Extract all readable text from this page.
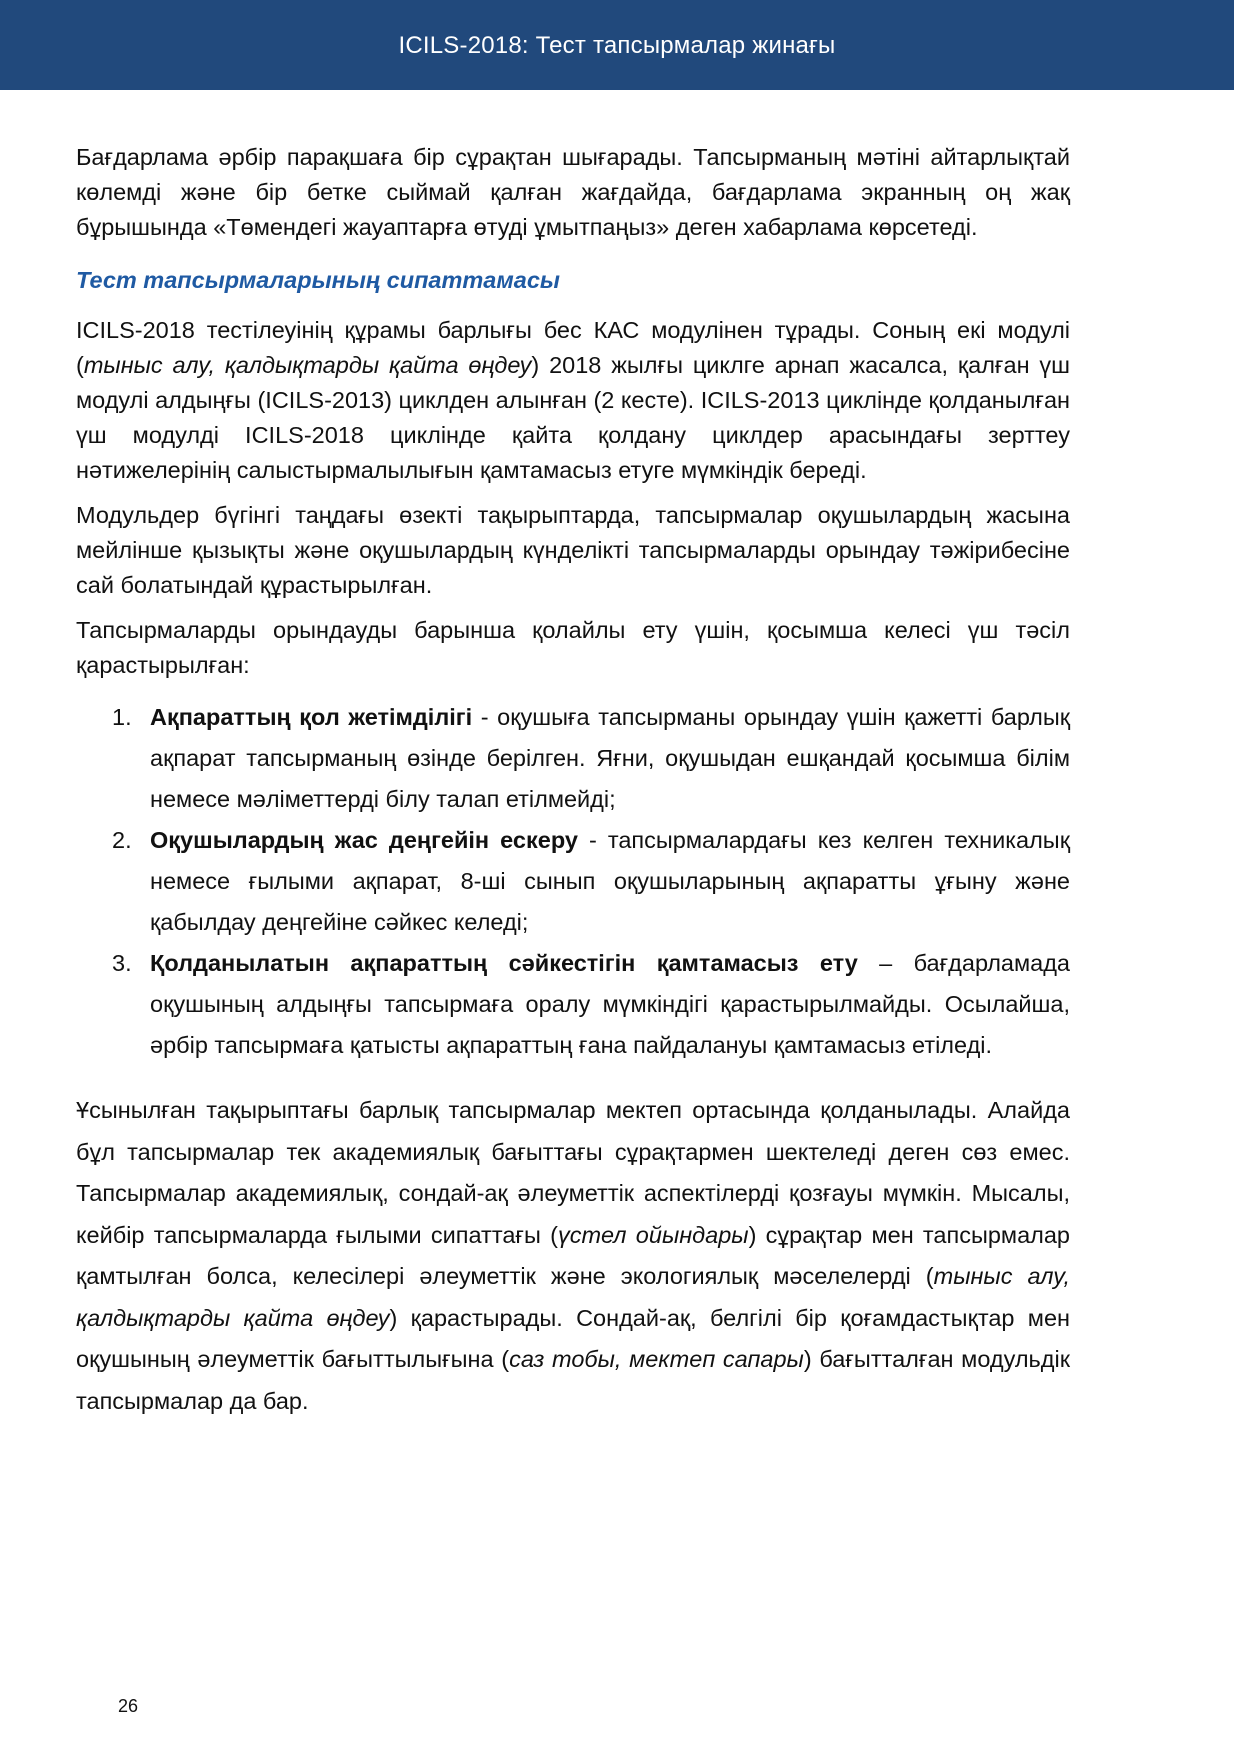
ICILS-2018: Тест тапсырмалар жинағы

Бағдарлама әрбір парақшаға бір сұрақтан шығарады. Тапсырманың мәтіні айтарлықтай көлемді және бір бетке сыймай қалған жағдайда, бағдарлама экранның оң жақ бұрышында «Төмендегі жауаптарға өтуді ұмытпаңыз» деген хабарлама көрсетеді.

Тест тапсырмаларының сипаттамасы

ICILS-2018 тестілеуінің құрамы барлығы бес КАС модулінен тұрады. Соның екі модулі (тыныс алу, қалдықтарды қайта өңдеу) 2018 жылғы циклге арнап жасалса, қалған үш модулі алдыңғы (ICILS-2013) циклден алынған (2 кесте). ICILS-2013 циклінде қолданылған үш модулді ICILS-2018 циклінде қайта қолдану циклдер арасындағы зерттеу нәтижелерінің салыстырмалылығын қамтамасыз етуге мүмкіндік береді.

Модульдер бүгінгі таңдағы өзекті тақырыптарда, тапсырмалар оқушылардың жасына мейлінше қызықты және оқушылардың күнделікті тапсырмаларды орындау тәжірибесіне сай болатындай құрастырылған.

Тапсырмаларды орындауды барынша қолайлы ету үшін, қосымша келесі үш тәсіл қарастырылған:

1. Ақпараттың қол жетімділігі - оқушыға тапсырманы орындау үшін қажетті барлық ақпарат тапсырманың өзінде берілген. Яғни, оқушыдан ешқандай қосымша білім немесе мәліметтерді білу талап етілмейді;
2. Оқушылардың жас деңгейін ескеру - тапсырмалардағы кез келген техникалық немесе ғылыми ақпарат, 8-ші сынып оқушыларының ақпаратты ұғыну және қабылдау деңгейіне сәйкес келеді;
3. Қолданылатын ақпараттың сәйкестігін қамтамасыз ету – бағдарламада оқушының алдыңғы тапсырмаға оралу мүмкіндігі қарастырылмайды. Осылайша, әрбір тапсырмаға қатысты ақпараттың ғана пайдалануы қамтамасыз етіледі.

Ұсынылған тақырыптағы барлық тапсырмалар мектеп ортасында қолданылады. Алайда бұл тапсырмалар тек академиялық бағыттағы сұрақтармен шектеледі деген сөз емес. Тапсырмалар академиялық, сондай-ақ әлеуметтік аспектілерді қозғауы мүмкін. Мысалы, кейбір тапсырмаларда ғылыми сипаттағы (үстел ойындары) сұрақтар мен тапсырмалар қамтылған болса, келесілері әлеуметтік және экологиялық мәселелерді (тыныс алу, қалдықтарды қайта өңдеу) қарастырады. Сондай-ақ, белгілі бір қоғамдастықтар мен оқушының әлеуметтік бағыттылығына (саз тобы, мектеп сапары) бағытталған модульдік тапсырмалар да бар.

26
